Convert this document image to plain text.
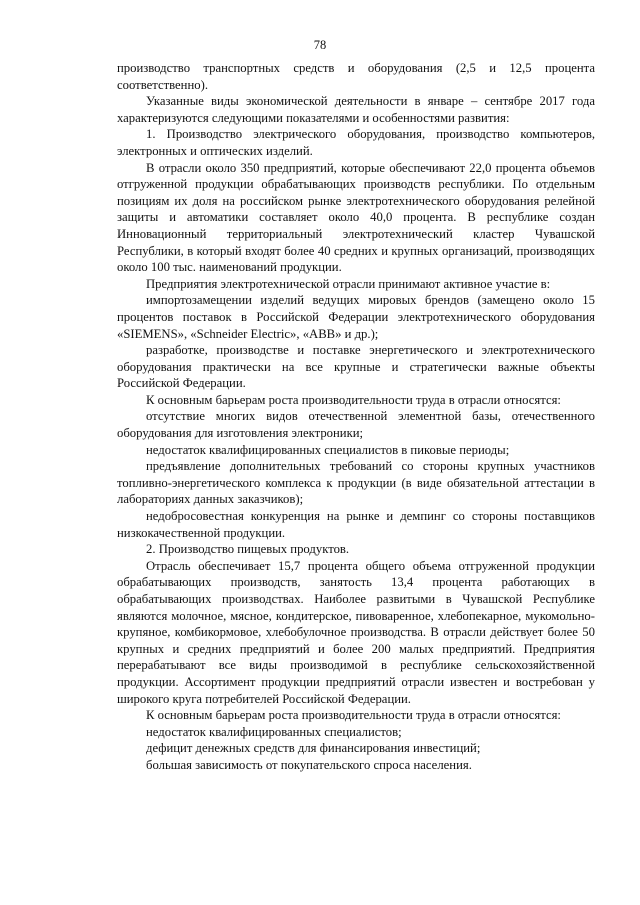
78

производство транспортных средств и оборудования (2,5 и 12,5 процента соответственно).

Указанные виды экономической деятельности в январе – сентябре 2017 года характеризуются следующими показателями и особенностями развития:

1. Производство электрического оборудования, производство компьютеров, электронных и оптических изделий.

В отрасли около 350 предприятий, которые обеспечивают 22,0 процента объемов отгруженной продукции обрабатывающих производств республики. По отдельным позициям их доля на российском рынке электротехнического оборудования релейной защиты и автоматики составляет около 40,0 процента. В республике создан Инновационный территориальный электротехнический кластер Чувашской Республики, в который входят более 40 средних и крупных организаций, производящих около 100 тыс. наименований продукции.

Предприятия электротехнической отрасли принимают активное участие в:

импортозамещении изделий ведущих мировых брендов (замещено около 15 процентов поставок в Российской Федерации электротехнического оборудования «SIEMENS», «Schneider Electric», «ABB» и др.);

разработке, производстве и поставке энергетического и электротехнического оборудования практически на все крупные и стратегически важные объекты Российской Федерации.

К основным барьерам роста производительности труда в отрасли относятся:

отсутствие многих видов отечественной элементной базы, отечественного оборудования для изготовления электроники;

недостаток квалифицированных специалистов в пиковые периоды;

предъявление дополнительных требований со стороны крупных участников топливно-энергетического комплекса к продукции (в виде обязательной аттестации в лабораториях данных заказчиков);

недобросовестная конкуренция на рынке и демпинг со стороны поставщиков низкокачественной продукции.

2. Производство пищевых продуктов.

Отрасль обеспечивает 15,7 процента общего объема отгруженной продукции обрабатывающих производств, занятость 13,4 процента работающих в обрабатывающих производствах. Наиболее развитыми в Чувашской Республике являются молочное, мясное, кондитерское, пивоваренное, хлебопекарное, мукомольно-крупяное, комбикормовое, хлебобулочное производства. В отрасли действует более 50 крупных и средних предприятий и более 200 малых предприятий. Предприятия перерабатывают все виды производимой в республике сельскохозяйственной продукции. Ассортимент продукции предприятий отрасли известен и востребован у широкого круга потребителей Российской Федерации.

К основным барьерам роста производительности труда в отрасли относятся:

недостаток квалифицированных специалистов;

дефицит денежных средств для финансирования инвестиций;

большая зависимость от покупательского спроса населения.
